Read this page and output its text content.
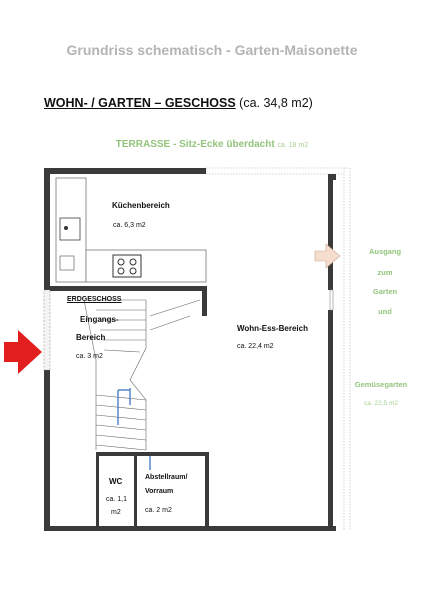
Grundriss schematisch - Garten-Maisonette
WOHN- / GARTEN – GESCHOSS (ca. 34,8 m2)
TERRASSE - Sitz-Ecke überdacht ca. 18 m2
Küchenbereich
ca. 6,3 m2
ERDGESCHOSS
Eingangs-
Bereich
ca. 3 m2
Wohn-Ess-Bereich
ca. 22,4 m2
WC
ca. 1,1
m2
Abstellraum/
Vorraum
ca. 2 m2
Ausgang
zum
Garten
und
Gemüsegarten
ca. 22,5 m2
